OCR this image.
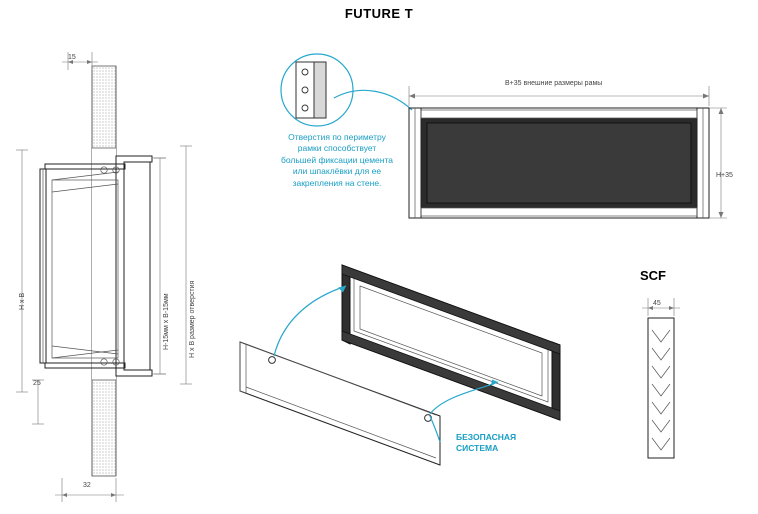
FUTURE T
15
32
25
H x B	H-15мм х B-15мм	H x B размер отверстия
Отверстия по периметру
рамки способствует
большей фиксации цемента
или шпаклёвки для ее
закрепления на стене.
B+35 внешние размеры рамы
H+35
БЕЗОПАСНАЯ
СИСТЕМА
SCF
45
